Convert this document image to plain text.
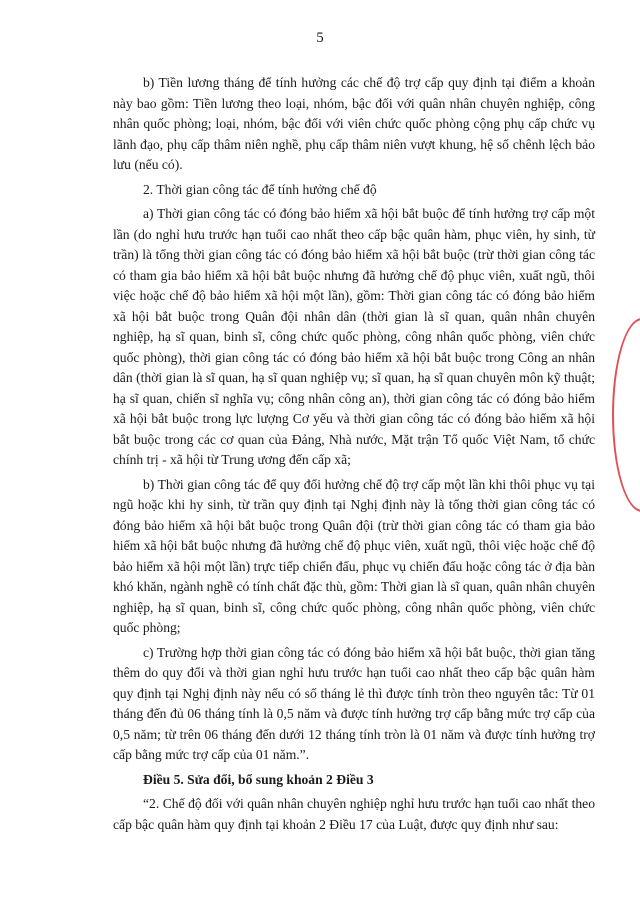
5

b) Tiền lương tháng để tính hưởng các chế độ trợ cấp quy định tại điểm a khoản này bao gồm: Tiền lương theo loại, nhóm, bậc đối với quân nhân chuyên nghiệp, công nhân quốc phòng; loại, nhóm, bậc đối với viên chức quốc phòng cộng phụ cấp chức vụ lãnh đạo, phụ cấp thâm niên nghề, phụ cấp thâm niên vượt khung, hệ số chênh lệch bảo lưu (nếu có).

2. Thời gian công tác để tính hưởng chế độ

a) Thời gian công tác có đóng bảo hiểm xã hội bắt buộc để tính hưởng trợ cấp một lần (do nghỉ hưu trước hạn tuổi cao nhất theo cấp bậc quân hàm, phục viên, hy sinh, từ trần) là tổng thời gian công tác có đóng bảo hiểm xã hội bắt buộc (trừ thời gian công tác có tham gia bảo hiểm xã hội bắt buộc nhưng đã hưởng chế độ phục viên, xuất ngũ, thôi việc hoặc chế độ bảo hiểm xã hội một lần), gồm: Thời gian công tác có đóng bảo hiểm xã hội bắt buộc trong Quân đội nhân dân (thời gian là sĩ quan, quân nhân chuyên nghiệp, hạ sĩ quan, binh sĩ, công chức quốc phòng, công nhân quốc phòng, viên chức quốc phòng), thời gian công tác có đóng bảo hiểm xã hội bắt buộc trong Công an nhân dân (thời gian là sĩ quan, hạ sĩ quan nghiệp vụ; sĩ quan, hạ sĩ quan chuyên môn kỹ thuật; hạ sĩ quan, chiến sĩ nghĩa vụ; công nhân công an), thời gian công tác có đóng bảo hiểm xã hội bắt buộc trong lực lượng Cơ yếu và thời gian công tác có đóng bảo hiểm xã hội bắt buộc trong các cơ quan của Đảng, Nhà nước, Mặt trận Tổ quốc Việt Nam, tổ chức chính trị - xã hội từ Trung ương đến cấp xã;

b) Thời gian công tác để quy đổi hưởng chế độ trợ cấp một lần khi thôi phục vụ tại ngũ hoặc khi hy sinh, từ trần quy định tại Nghị định này là tổng thời gian công tác có đóng bảo hiểm xã hội bắt buộc trong Quân đội (trừ thời gian công tác có tham gia bảo hiểm xã hội bắt buộc nhưng đã hưởng chế độ phục viên, xuất ngũ, thôi việc hoặc chế độ bảo hiểm xã hội một lần) trực tiếp chiến đấu, phục vụ chiến đấu hoặc công tác ở địa bàn khó khăn, ngành nghề có tính chất đặc thù, gồm: Thời gian là sĩ quan, quân nhân chuyên nghiệp, hạ sĩ quan, binh sĩ, công chức quốc phòng, công nhân quốc phòng, viên chức quốc phòng;

c) Trường hợp thời gian công tác có đóng bảo hiểm xã hội bắt buộc, thời gian tăng thêm do quy đổi và thời gian nghỉ hưu trước hạn tuổi cao nhất theo cấp bậc quân hàm quy định tại Nghị định này nếu có số tháng lẻ thì được tính tròn theo nguyên tắc: Từ 01 tháng đến đủ 06 tháng tính là 0,5 năm và được tính hưởng trợ cấp bằng mức trợ cấp của 0,5 năm; từ trên 06 tháng đến dưới 12 tháng tính tròn là 01 năm và được tính hưởng trợ cấp bằng mức trợ cấp của 01 năm.”.

Điều 5. Sửa đổi, bổ sung khoản 2 Điều 3

“2. Chế độ đối với quân nhân chuyên nghiệp nghỉ hưu trước hạn tuổi cao nhất theo cấp bậc quân hàm quy định tại khoản 2 Điều 17 của Luật, được quy định như sau:
